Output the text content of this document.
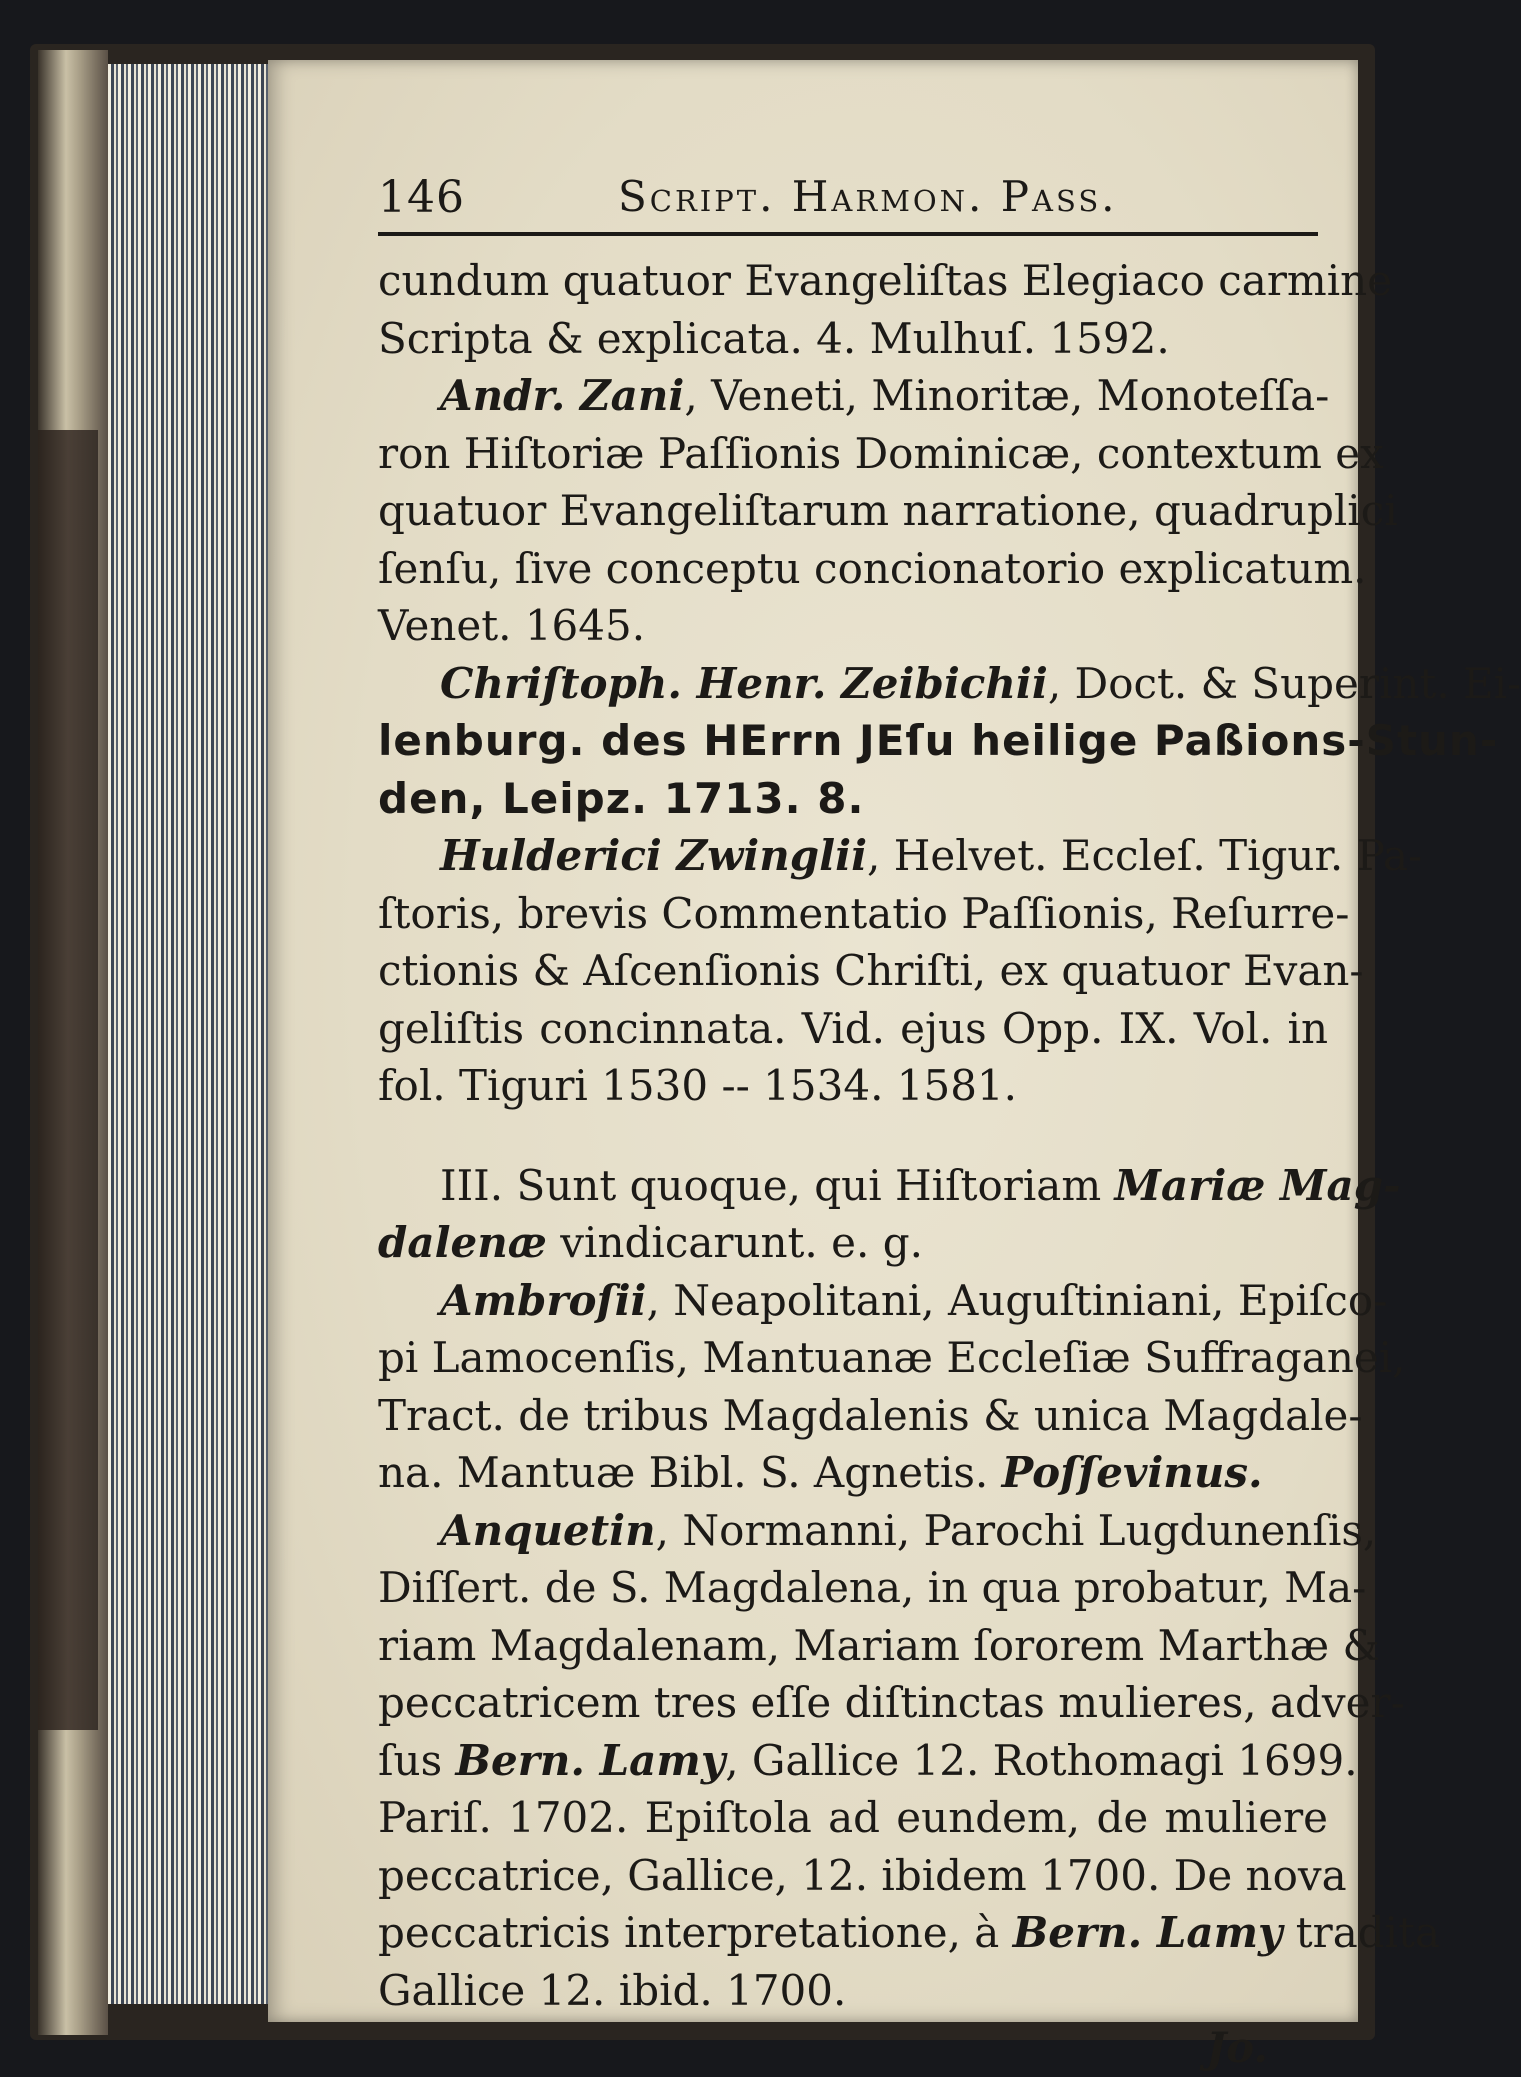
146	Script. Harmon. Pass.
cundum quatuor Evangeliſtas Elegiaco carmine
Scripta & explicata. 4. Mulhuſ. 1592.
Andr. Zani, Veneti, Minoritæ, Monoteſſa-
ron Hiſtoriæ Paſſionis Dominicæ, contextum ex
quatuor Evangeliſtarum narratione, quadruplici
ſenſu, ſive conceptu concionatorio explicatum.
Venet. 1645.
Chriſtoph. Henr. Zeibichii, Doct. & Superint. Ei-
lenburg. des HErrn JEſu heilige Paßions-Stun-
den, Leipz. 1713. 8.
Hulderici Zwinglii, Helvet. Eccleſ. Tigur. Pa-
ſtoris, brevis Commentatio Paſſionis, Reſurre-
ctionis & Aſcenſionis Chriſti, ex quatuor Evan-
geliſtis concinnata. Vid. ejus Opp. IX. Vol. in
fol. Tiguri 1530 -- 1534. 1581.
III. Sunt quoque, qui Hiſtoriam Mariæ Mag-
dalenæ vindicarunt. e. g.
Ambroſii, Neapolitani, Auguſtiniani, Epiſco-
pi Lamocenſis, Mantuanæ Eccleſiæ Suffraganei,
Tract. de tribus Magdalenis & unica Magdale-
na. Mantuæ Bibl. S. Agnetis. Poſſevinus.
Anquetin, Normanni, Parochi Lugdunenſis,
Diſſert. de S. Magdalena, in qua probatur, Ma-
riam Magdalenam, Mariam ſororem Marthæ &
peccatricem tres eſſe diſtinctas mulieres, adver-
ſus Bern. Lamy, Gallice 12. Rothomagi 1699.
Pariſ. 1702. Epiſtola ad eundem, de muliere
peccatrice, Gallice, 12. ibidem 1700. De nova
peccatricis interpretatione, à Bern. Lamy tradita
Gallice 12. ibid. 1700.
Jo.
